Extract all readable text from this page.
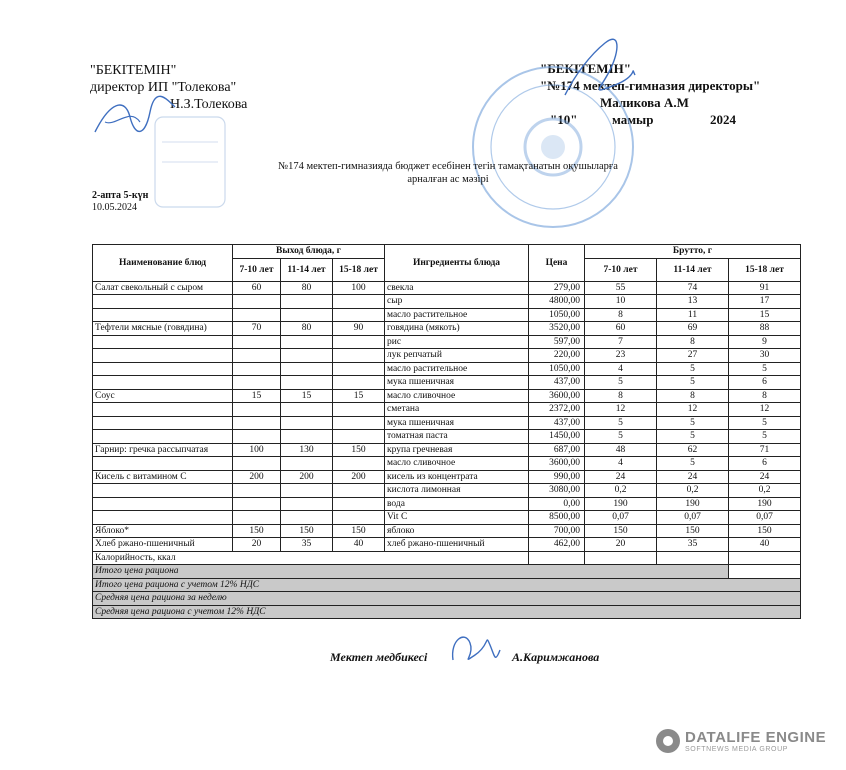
"БЕКІТЕМІН"
директор ИП "Толекова"
Н.З.Толекова
"БЕКІТЕМІН"
"№174 мектеп-гимназия директоры"
Маликова А.М
"10"	мамыр	2024
№174 мектеп-гимназияда бюджет есебінен тегін тамақтанатын оқушыларға арналған ас мәзірі
2-апта 5-күн
10.05.2024
Наименование блюд	Выход блюда, г			Ингредиенты блюда	Цена	Брутто, г		
	7-10 лет	11-14 лет	15-18 лет			7-10 лет	11-14 лет	15-18 лет
Салат свекольный с сыром	60	80	100	свекла	279,00	55	74	91
				сыр	4800,00	10	13	17
				масло растительное	1050,00	8	11	15
Тефтели мясные (говядина)	70	80	90	говядина (мякоть)	3520,00	60	69	88
				рис	597,00	7	8	9
				лук репчатый	220,00	23	27	30
				масло растительное	1050,00	4	5	5
				мука пшеничная	437,00	5	5	6
Соус	15	15	15	масло сливочное	3600,00	8	8	8
				сметана	2372,00	12	12	12
				мука пшеничная	437,00	5	5	5
				томатная паста	1450,00	5	5	5
Гарнир: гречка рассыпчатая	100	130	150	крупа гречневая	687,00	48	62	71
				масло сливочное	3600,00	4	5	6
Кисель с витамином С	200	200	200	кисель из концентрата	990,00	24	24	24
				кислота лимонная	3080,00	0,2	0,2	0,2
				вода	0,00	190	190	190
				Vit C	8500,00	0,07	0,07	0,07
Яблоко*	150	150	150	яблоко	700,00	150	150	150
Хлеб ржано-пшеничный	20	35	40	хлеб ржано-пшеничный	462,00	20	35	40
Калорийность, ккал								
Итого цена рациона								
Итого цена рациона с учетом 12% НДС								
Средняя цена рациона за неделю								
Средняя цена рациона с учетом 12% НДС								
Мектеп медбикесі	А.Каримжанова
DATALIFE ENGINE
SOFTNEWS MEDIA GROUP
